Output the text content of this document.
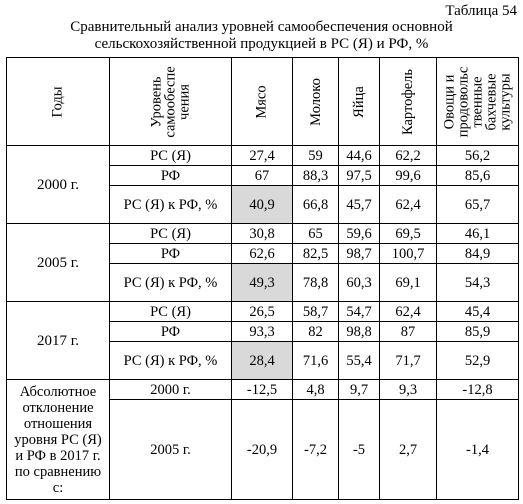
Таблица 54
Сравнительный анализ уровней самообеспечения основной
сельскохозяйственной продукцией в РС (Я) и РФ, %
Годы	Уровень
самообеспе
чения	Мясо	Молоко	Яйца	Картофель	Овощи и
продовольс
твенные
бахчевые
культуры

2000 г.	РС (Я)	27,4	59	44,6	62,2	56,2
	РФ	67	88,3	97,5	99,6	85,6
	РС (Я) к РФ, %	40,9	66,8	45,7	62,4	65,7
2005 г.	РС (Я)	30,8	65	59,6	69,5	46,1
	РФ	62,6	82,5	98,7	100,7	84,9
	РС (Я) к РФ, %	49,3	78,8	60,3	69,1	54,3
2017 г.	РС (Я)	26,5	58,7	54,7	62,4	45,4
	РФ	93,3	82	98,8	87	85,9
	РС (Я) к РФ, %	28,4	71,6	55,4	71,7	52,9
Абсолютное отклонение отношения уровня РС (Я) и РФ в 2017 г. по сравнению с:	2000 г.	-12,5	4,8	9,7	9,3	-12,8
	2005 г.	-20,9	-7,2	-5	2,7	-1,4
